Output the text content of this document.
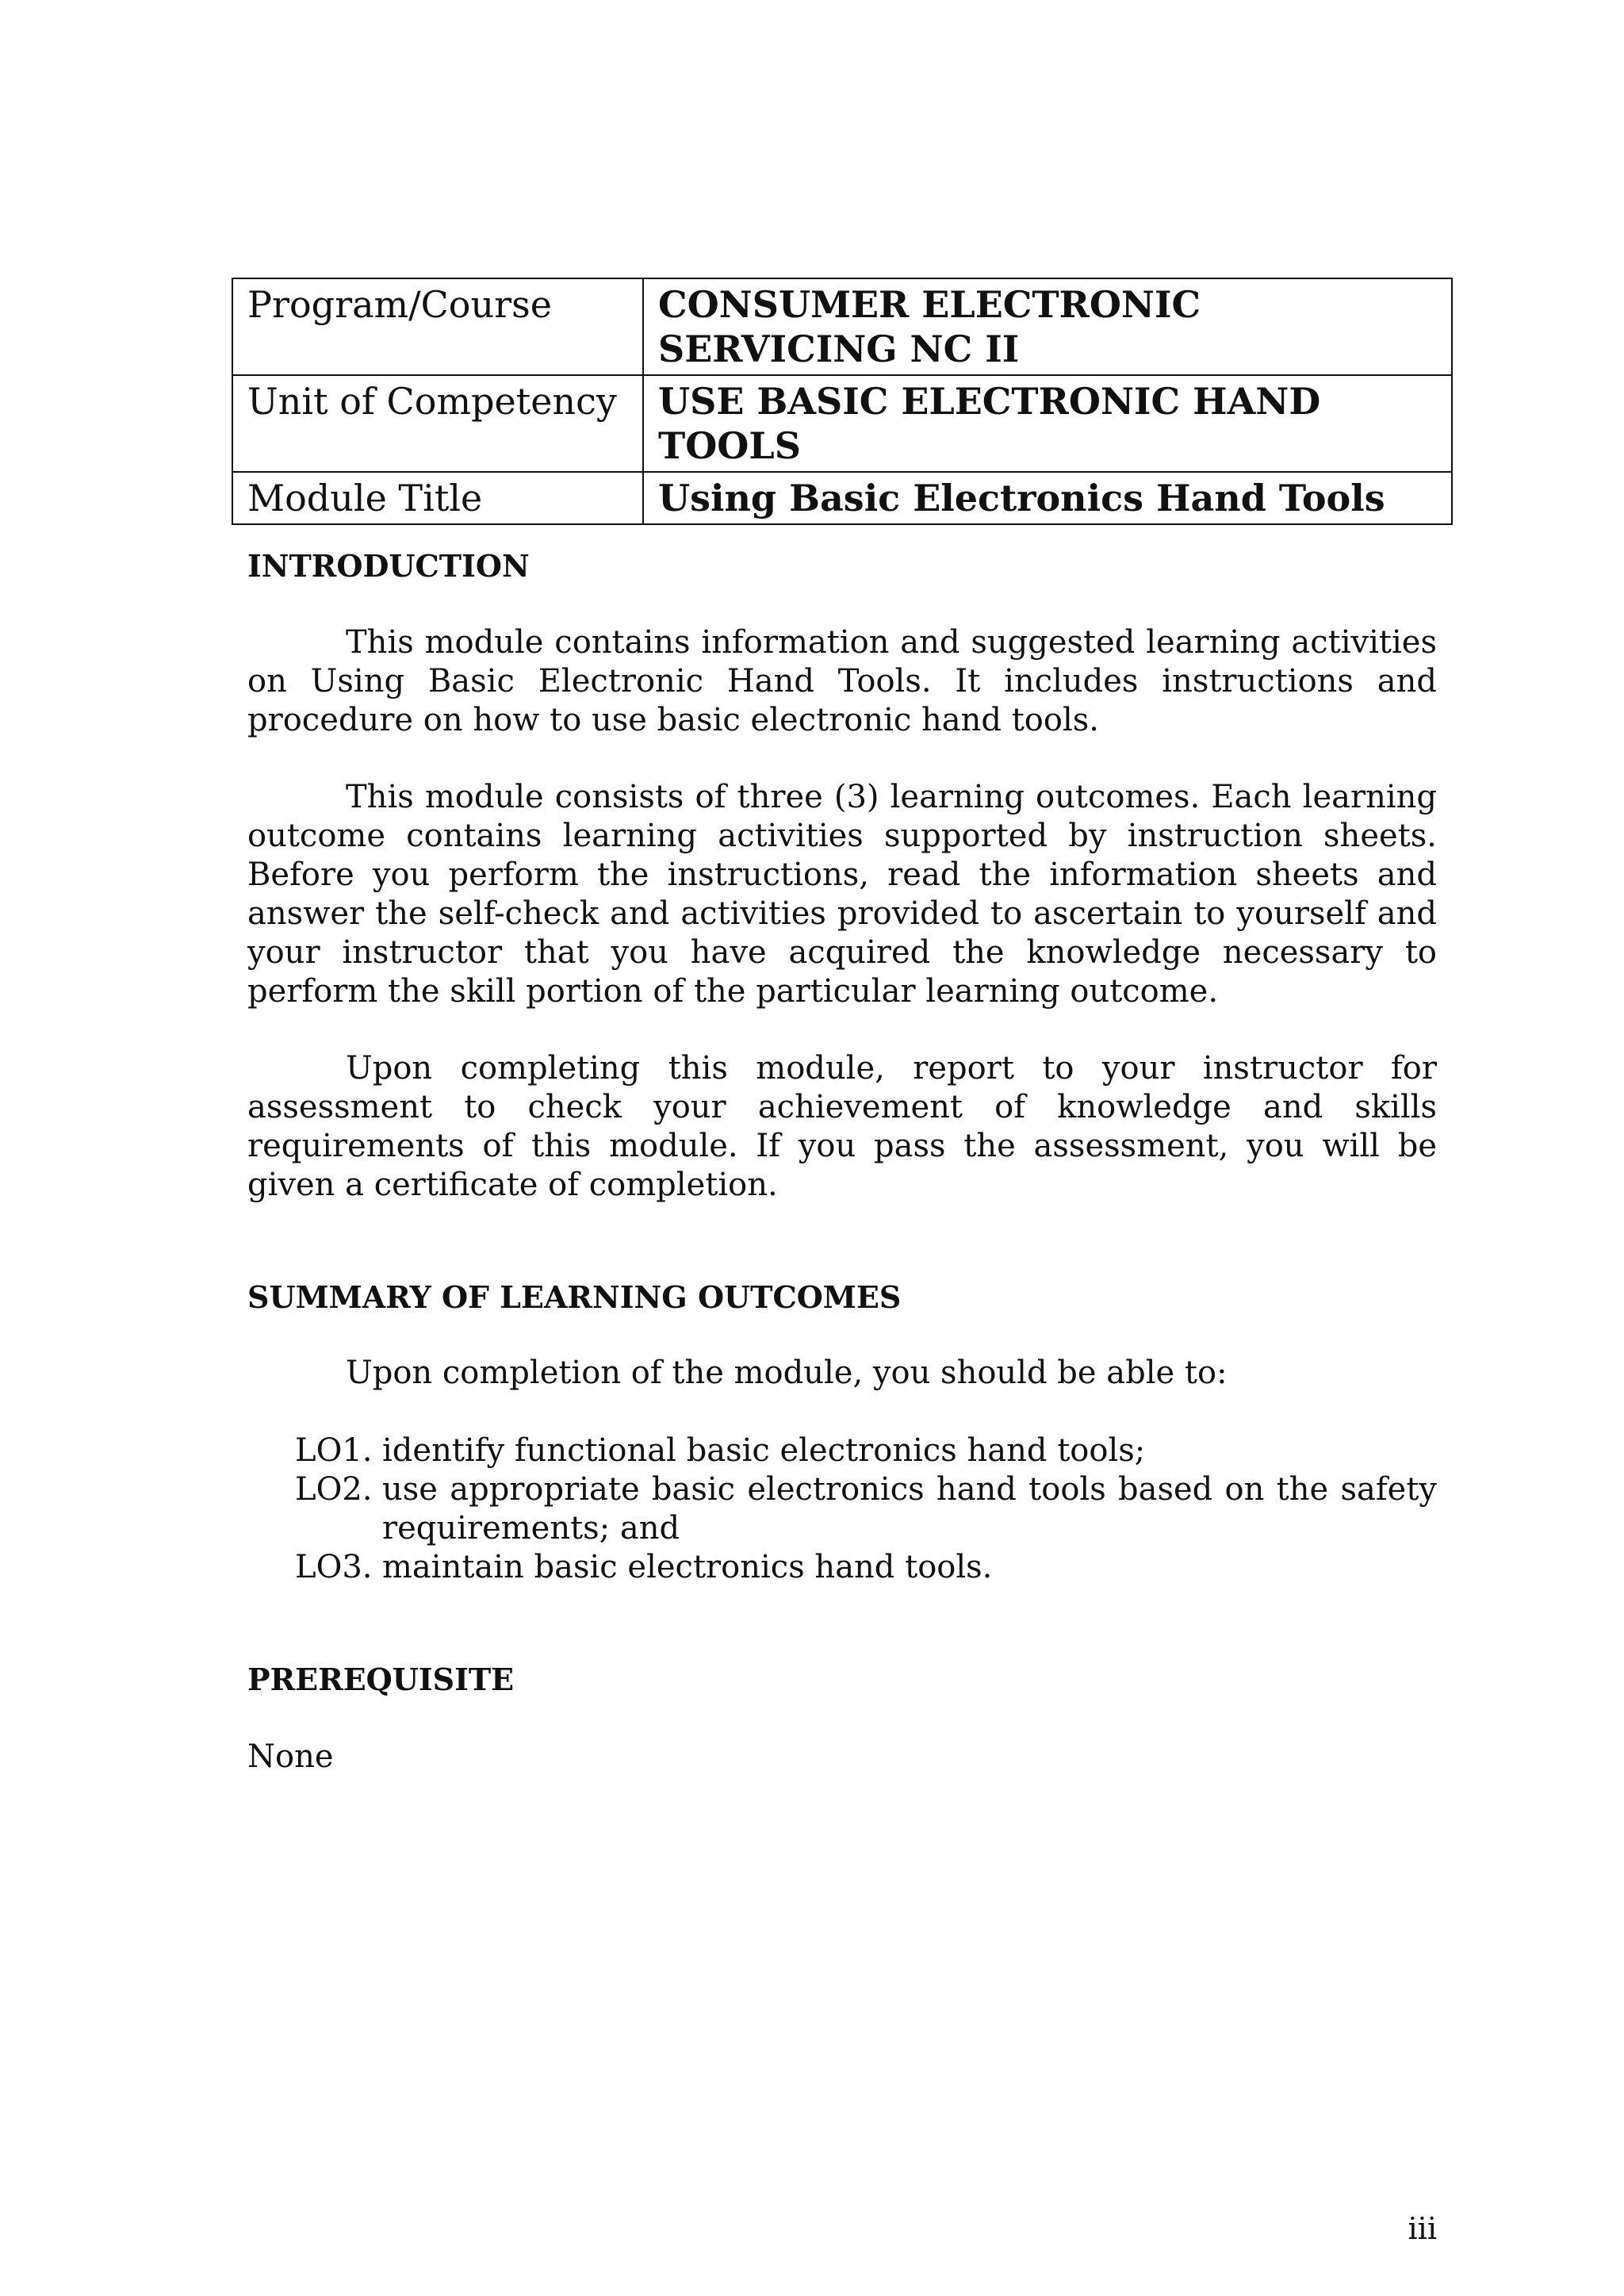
Program/Course	CONSUMER ELECTRONIC SERVICING NC II
Unit of Competency	USE BASIC ELECTRONIC HAND TOOLS
Module Title	Using Basic Electronics Hand Tools
INTRODUCTION

This module contains information and suggested learning activities on Using Basic Electronic Hand Tools. It includes instructions and procedure on how to use basic electronic hand tools.

This module consists of three (3) learning outcomes. Each learning outcome contains learning activities supported by instruction sheets. Before you perform the instructions, read the information sheets and answer the self-check and activities provided to ascertain to yourself and your instructor that you have acquired the knowledge necessary to perform the skill portion of the particular learning outcome.

Upon completing this module, report to your instructor for assessment to check your achievement of knowledge and skills requirements of this module. If you pass the assessment, you will be given a certificate of completion.

SUMMARY OF LEARNING OUTCOMES

Upon completion of the module, you should be able to:

LO1. identify functional basic electronics hand tools;
LO2. use appropriate basic electronics hand tools based on the safety requirements; and
LO3. maintain basic electronics hand tools.
PREREQUISITE

None

iii
